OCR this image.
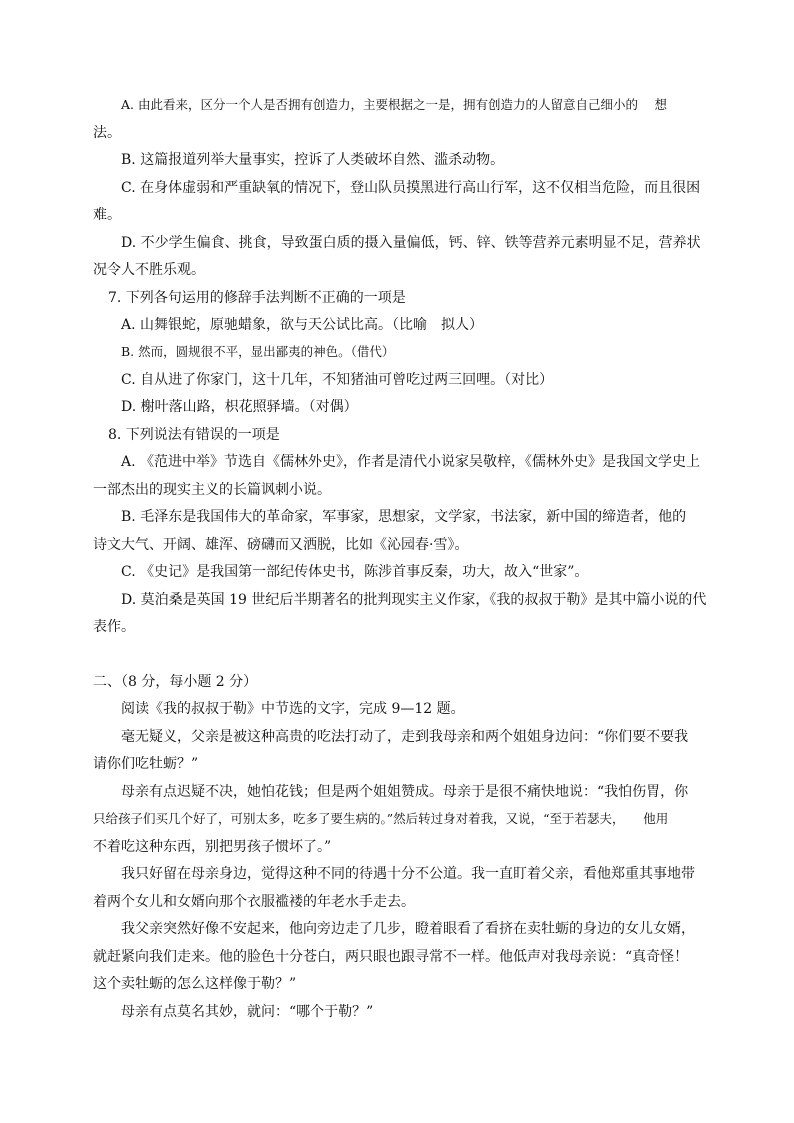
A. 由此看来，区分一个人是否拥有创造力，主要根据之一是，拥有创造力的人留意自己细小的　 想
法。
B. 这篇报道列举大量事实，控诉了人类破坏自然、滥杀动物。
C. 在身体虚弱和严重缺氧的情况下，登山队员摸黑进行高山行军，这不仅相当危险，而且很困
难。
D. 不少学生偏食、挑食，导致蛋白质的摄入量偏低，钙、锌、铁等营养元素明显不足，营养状
况令人不胜乐观。
7. 下列各句运用的修辞手法判断不正确的一项是
A. 山舞银蛇，原驰蜡象，欲与天公试比高。（比喻　拟人）
B. 然而，圆规很不平，显出鄙夷的神色。（借代）
C. 自从进了你家门，这十几年，不知猪油可曾吃过两三回哩。（对比）
D. 榭叶落山路，枳花照驿墙。（对偶）
8. 下列说法有错误的一项是
A. 《范进中举》节选自《儒林外史》，作者是清代小说家吴敬梓，《儒林外史》是我国文学史上
一部杰出的现实主义的长篇讽刺小说。
B. 毛泽东是我国伟大的革命家，军事家，思想家，文学家，书法家，新中国的缔造者，他的
诗文大气、开阔、雄浑、磅礴而又洒脱，比如《沁园春·雪》。
C. 《史记》是我国第一部纪传体史书，陈涉首事反秦，功大，故入“世家”。
D. 莫泊桑是英国 19 世纪后半期著名的批判现实主义作家，《我的叔叔于勒》是其中篇小说的代
表作。
二、（8 分，每小题 2 分）
阅读《我的叔叔于勒》中节选的文字，完成 9—12 题。
毫无疑义，父亲是被这种高贵的吃法打动了，走到我母亲和两个姐姐身边问：“你们要不要我
请你们吃牡蛎？”
母亲有点迟疑不决，她怕花钱；但是两个姐姐赞成。母亲于是很不痛快地说：“我怕伤胃，你
只给孩子们买几个好了，可别太多，吃多了要生病的。”然后转过身对着我，又说，“至于若瑟夫，　　他用
不着吃这种东西，别把男孩子惯坏了。”
我只好留在母亲身边，觉得这种不同的待遇十分不公道。我一直盯着父亲，看他郑重其事地带
着两个女儿和女婿向那个衣服褴褛的年老水手走去。
我父亲突然好像不安起来，他向旁边走了几步，瞪着眼看了看挤在卖牡蛎的身边的女儿女婿，
就赶紧向我们走来。他的脸色十分苍白，两只眼也跟寻常不一样。他低声对我母亲说：“真奇怪！
这个卖牡蛎的怎么这样像于勒？”
母亲有点莫名其妙，就问：“哪个于勒？”
